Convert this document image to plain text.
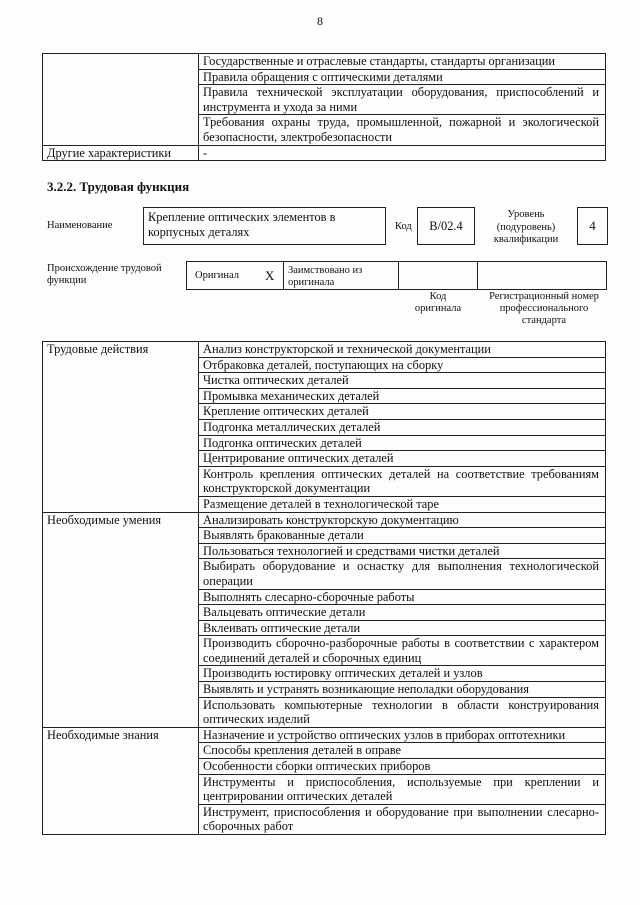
8
	Государственные и отраслевые стандарты, стандарты организации
	Правила обращения с оптическими деталями
	Правила технической эксплуатации оборудования, приспособлений и инструмента и ухода за ними
	Требования охраны труда, промышленной, пожарной и экологической безопасности, электробезопасности
Другие характеристики	-
3.2.2. Трудовая функция
Наименование
Крепление оптических элементов в корпусных деталях	Код	В/02.4
Уровень (подуровень) квалификации
4
Происхождение трудовой функции	Оригинал Х Заимствовано из оригинала
Код оригинала
Регистрационный номер профессионального стандарта
Трудовые действия	Анализ конструкторской и технической документации
	Отбраковка деталей, поступающих на сборку
	Чистка оптических деталей
	Промывка механических деталей
	Крепление оптических деталей
	Подгонка металлических деталей
	Подгонка оптических деталей
	Центрирование оптических деталей
	Контроль крепления оптических деталей на соответствие требованиям конструкторской документации
	Размещение деталей в технологической таре
Необходимые умения	Анализировать конструкторскую документацию
	Выявлять бракованные детали
	Пользоваться технологией и средствами чистки деталей
	Выбирать оборудование и оснастку для выполнения технологической операции
	Выполнять слесарно-сборочные работы
	Вальцевать оптические детали
	Вклеивать оптические детали
	Производить сборочно-разборочные работы в соответствии с характером соединений деталей и сборочных единиц
	Производить юстировку оптических деталей и узлов
	Выявлять и устранять возникающие неполадки оборудования
	Использовать компьютерные технологии в области конструирования оптических изделий
Необходимые знания	Назначение и устройство оптических узлов в приборах оптотехники
	Способы крепления деталей в оправе
	Особенности сборки оптических приборов
	Инструменты и приспособления, используемые при креплении и центрировании оптических деталей
	Инструмент, приспособления и оборудование при выполнении слесарно-сборочных работ
